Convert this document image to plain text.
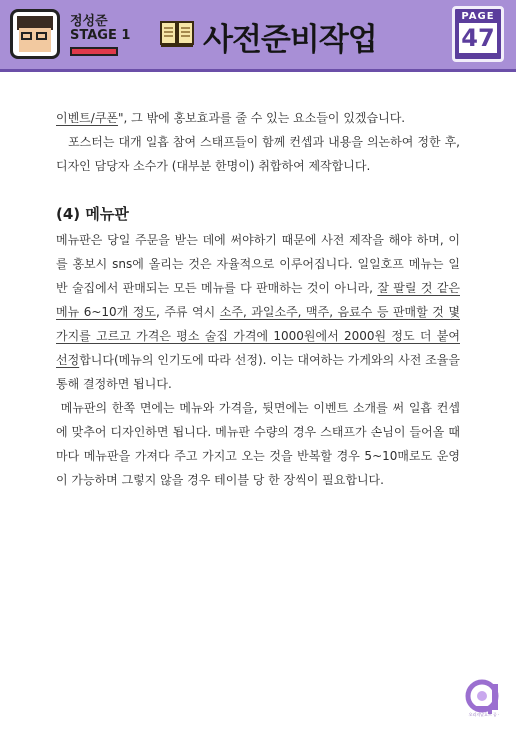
정성준
STAGE 1 사전준비작업
PAGE
47

이벤트/쿠폰", 그 밖에 홍보효과를 줄 수 있는 요소들이 있겠습니다.

포스터는 대개 일흡 참여 스태프들이 함께 컨셉과 내용을 의논하여 정한 후, 디자인 담당자 소수가 (대부분 한명이) 취합하여 제작합니다.

(4) 메뉴판

메뉴판은 당일 주문을 받는 데에 써야하기 때문에 사전 제작을 해야 하며, 이를 홍보시 sns에 올리는 것은 자율적으로 이루어집니다. 일일호프 메뉴는 일반 술집에서 판매되는 모든 메뉴를 다 판매하는 것이 아니라, 잘 팔릴 것 같은 메뉴 6~10개 정도, 주류 역시 소주, 과일소주, 맥주, 음료수 등 판매할 것 몇 가지를 고르고 가격은 평소 술집 가격에 1000원에서 2000원 정도 더 붙여 선정합니다(메뉴의 인기도에 따라 선정). 이는 대여하는 가게와의 사전 조율을 통해 결정하면 됩니다.

메뉴판의 한쪽 면에는 메뉴와 가격을, 뒷면에는 이벤트 소개를 써 일흡 컨셉에 맞추어 디자인하면 됩니다. 메뉴판 수량의 경우 스태프가 손님이 들어올 때마다 메뉴판을 가져다 주고 가지고 오는 것을 반복할 경우 5~10매로도 운영이 가능하며 그렇지 않을 경우 테이블 당 한 장씩이 필요합니다.

오리지날호프 공 ·
